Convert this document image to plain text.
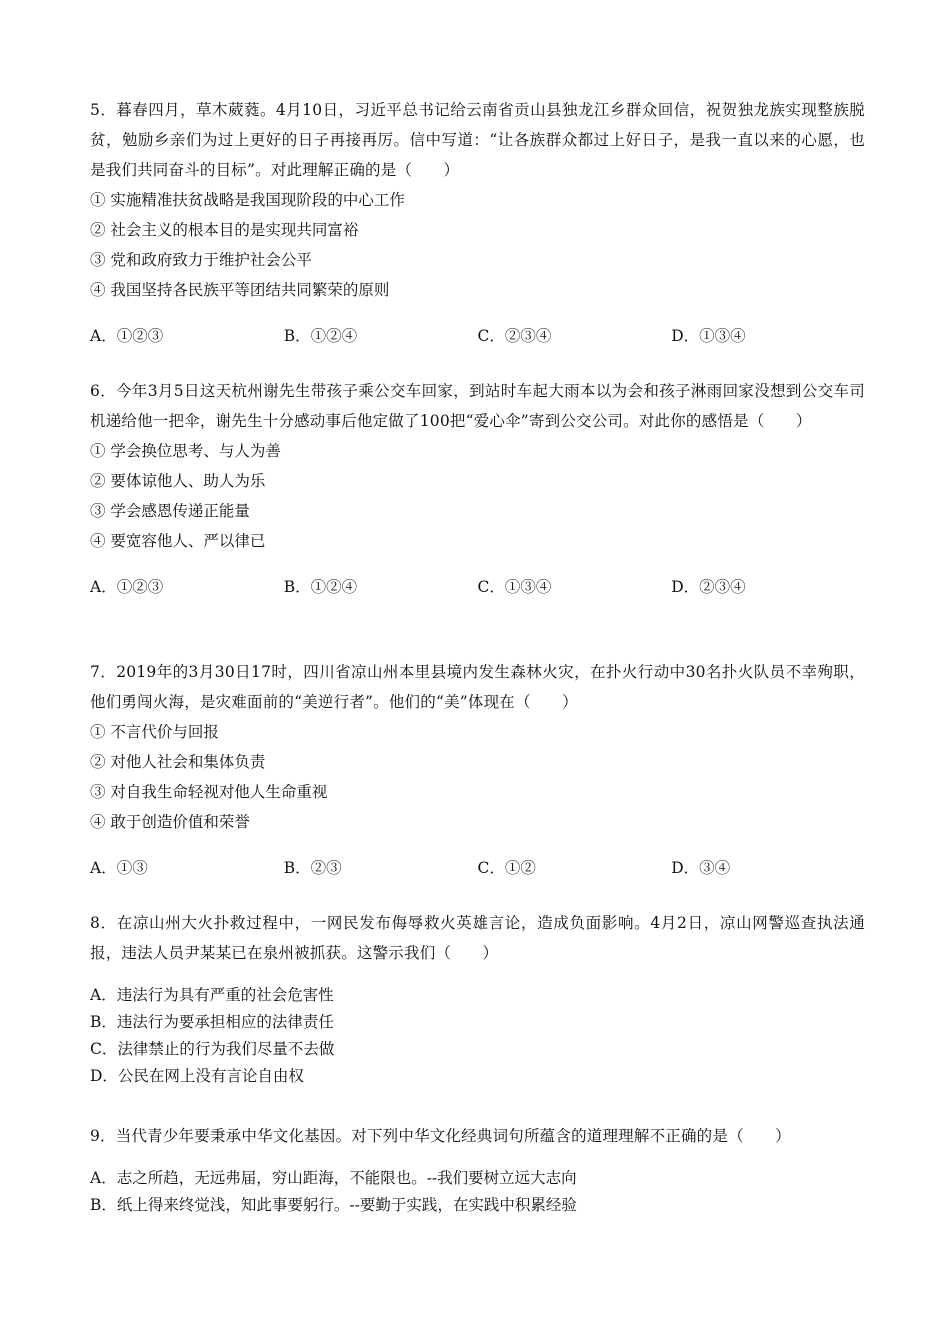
5．暮春四月，草木葳蕤。4月10日，习近平总书记给云南省贡山县独龙江乡群众回信，祝贺独龙族实现整族脱贫，勉励乡亲们为过上更好的日子再接再厉。信中写道：“让各族群众都过上好日子，是我一直以来的心愿，也是我们共同奋斗的目标”。对此理解正确的是（　　）

① 实施精准扶贫战略是我国现阶段的中心工作

② 社会主义的根本目的是实现共同富裕

③ 党和政府致力于维护社会公平

④ 我国坚持各民族平等团结共同繁荣的原则

A．①②③	B．①②④	C．②③④	D．①③④

6．今年3月5日这天杭州谢先生带孩子乘公交车回家，到站时车起大雨本以为会和孩子淋雨回家没想到公交车司机递给他一把伞，谢先生十分感动事后他定做了100把“爱心伞”寄到公交公司。对此你的感悟是（　　）

① 学会换位思考、与人为善

② 要体谅他人、助人为乐

③ 学会感恩传递正能量

④ 要宽容他人、严以律已

A．①②③	B．①②④	C．①③④	D．②③④

7．2019年的3月30日17时，四川省凉山州本里县境内发生森林火灾，在扑火行动中30名扑火队员不幸殉职，他们勇闯火海，是灾难面前的“美逆行者”。他们的“美”体现在（　　）

① 不言代价与回报

② 对他人社会和集体负责

③ 对自我生命轻视对他人生命重视

④ 敢于创造价值和荣誉

A．①③	B．②③	C．①②	D．③④

8．在凉山州大火扑救过程中，一网民发布侮辱救火英雄言论，造成负面影响。4月2日，凉山网警巡查执法通报，违法人员尹某某已在泉州被抓获。这警示我们（　　）

A．违法行为具有严重的社会危害性

B．违法行为要承担相应的法律责任

C．法律禁止的行为我们尽量不去做

D．公民在网上没有言论自由权

9．当代青少年要秉承中华文化基因。对下列中华文化经典词句所蕴含的道理理解不正确的是（　　）

A．志之所趋，无远弗届，穷山距海，不能限也。--我们要树立远大志向

B．纸上得来终觉浅，知此事要躬行。--要勤于实践，在实践中积累经验
